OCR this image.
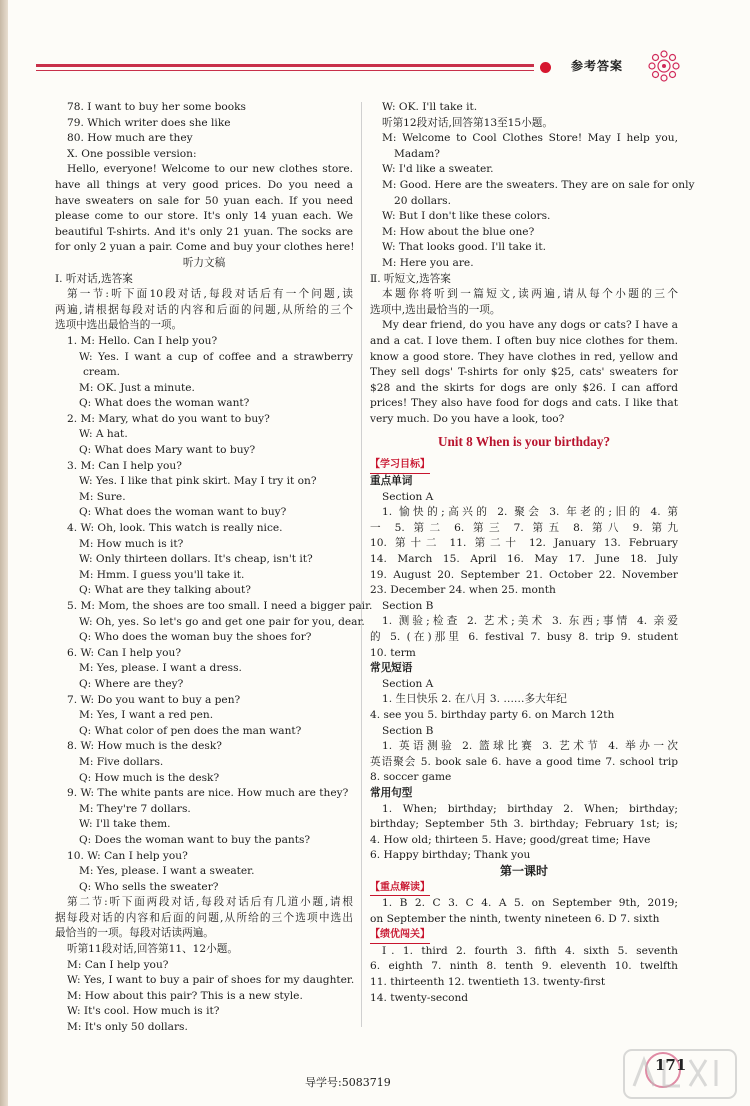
参考答案
78. I want to buy her some books
79. Which writer does she like
80. How much are they
Ⅹ. One possible version:
Hello, everyone! Welcome to our new clothes store.
have all things at very good prices. Do you need a
have sweaters on sale for 50 yuan each. If you need
please come to our store. It's only 14 yuan each. We
beautiful T-shirts. And it's only 21 yuan. The socks are
for only 2 yuan a pair. Come and buy your clothes here!
听力文稿
Ⅰ. 听对话,选答案
第一节:听下面10段对话,每段对话后有一个问题,读
两遍,请根据每段对话的内容和后面的问题,从所给的三个
选项中选出最恰当的一项。
1. M: Hello. Can I help you?
W: Yes. I want a cup of coffee and a strawberry
cream.
M: OK. Just a minute.
Q: What does the woman want?
2. M: Mary, what do you want to buy?
W: A hat.
Q: What does Mary want to buy?
3. M: Can I help you?
W: Yes. I like that pink skirt. May I try it on?
M: Sure.
Q: What does the woman want to buy?
4. W: Oh, look. This watch is really nice.
M: How much is it?
W: Only thirteen dollars. It's cheap, isn't it?
M: Hmm. I guess you'll take it.
Q: What are they talking about?
5. M: Mom, the shoes are too small. I need a bigger pair.
W: Oh, yes. So let's go and get one pair for you, dear.
Q: Who does the woman buy the shoes for?
6. W: Can I help you?
M: Yes, please. I want a dress.
Q: Where are they?
7. W: Do you want to buy a pen?
M: Yes, I want a red pen.
Q: What color of pen does the man want?
8. W: How much is the desk?
M: Five dollars.
Q: How much is the desk?
9. W: The white pants are nice. How much are they?
M: They're 7 dollars.
W: I'll take them.
Q: Does the woman want to buy the pants?
10. W: Can I help you?
M: Yes, please. I want a sweater.
Q: Who sells the sweater?
第二节:听下面两段对话,每段对话后有几道小题,请根
据每段对话的内容和后面的问题,从所给的三个选项中选出
最恰当的一项。每段对话读两遍。
听第11段对话,回答第11、12小题。
M: Can I help you?
W: Yes, I want to buy a pair of shoes for my daughter.
M: How about this pair? This is a new style.
W: It's cool. How much is it?
M: It's only 50 dollars.
W: OK. I'll take it.
听第12段对话,回答第13至15小题。
M: Welcome to Cool Clothes Store! May I help you,
Madam?
W: I'd like a sweater.
M: Good. Here are the sweaters. They are on sale for only
20 dollars.
W: But I don't like these colors.
M: How about the blue one?
W: That looks good. I'll take it.
M: Here you are.
Ⅱ. 听短文,选答案
本题你将听到一篇短文,读两遍,请从每个小题的三个
选项中,选出最恰当的一项。
My dear friend, do you have any dogs or cats? I have a
and a cat. I love them. I often buy nice clothes for them.
know a good store. They have clothes in red, yellow and
They sell dogs' T-shirts for only $25, cats' sweaters for
$28 and the skirts for dogs are only $26. I can afford
prices! They also have food for dogs and cats. I like that
very much. Do you have a look, too?
Unit 8 When is your birthday?
【学习目标】
重点单词
Section A
1. 愉快的;高兴的 2. 聚会 3. 年老的;旧的 4. 第
一 5. 第二 6. 第三 7. 第五 8. 第八 9. 第九
10. 第十二 11. 第二十 12. January 13. February
14. March 15. April 16. May 17. June 18. July
19. August 20. September 21. October 22. November
23. December 24. when 25. month
Section B
1. 测验;检查 2. 艺术;美术 3. 东西;事情 4. 亲爱
的 5. (在)那里 6. festival 7. busy 8. trip 9. student
10. term
常见短语
Section A
1. 生日快乐 2. 在八月 3. ……多大年纪
4. see you 5. birthday party 6. on March 12th
Section B
1. 英语测验 2. 篮球比赛 3. 艺术节 4. 举办一次
英语聚会 5. book sale 6. have a good time 7. school trip
8. soccer game
常用句型
1. When; birthday; birthday 2. When; birthday;
birthday; September 5th 3. birthday; February 1st; is;
4. How old; thirteen 5. Have; good/great time; Have
6. Happy birthday; Thank you
第一课时
【重点解读】
1. B 2. C 3. C 4. A 5. on September 9th, 2019;
on September the ninth, twenty nineteen 6. D 7. sixth
【绩优闯关】
Ⅰ. 1. third 2. fourth 3. fifth 4. sixth 5. seventh
6. eighth 7. ninth 8. tenth 9. eleventh 10. twelfth
11. thirteenth 12. twentieth 13. twenty-first
14. twenty-second
171
导学号:5083719
